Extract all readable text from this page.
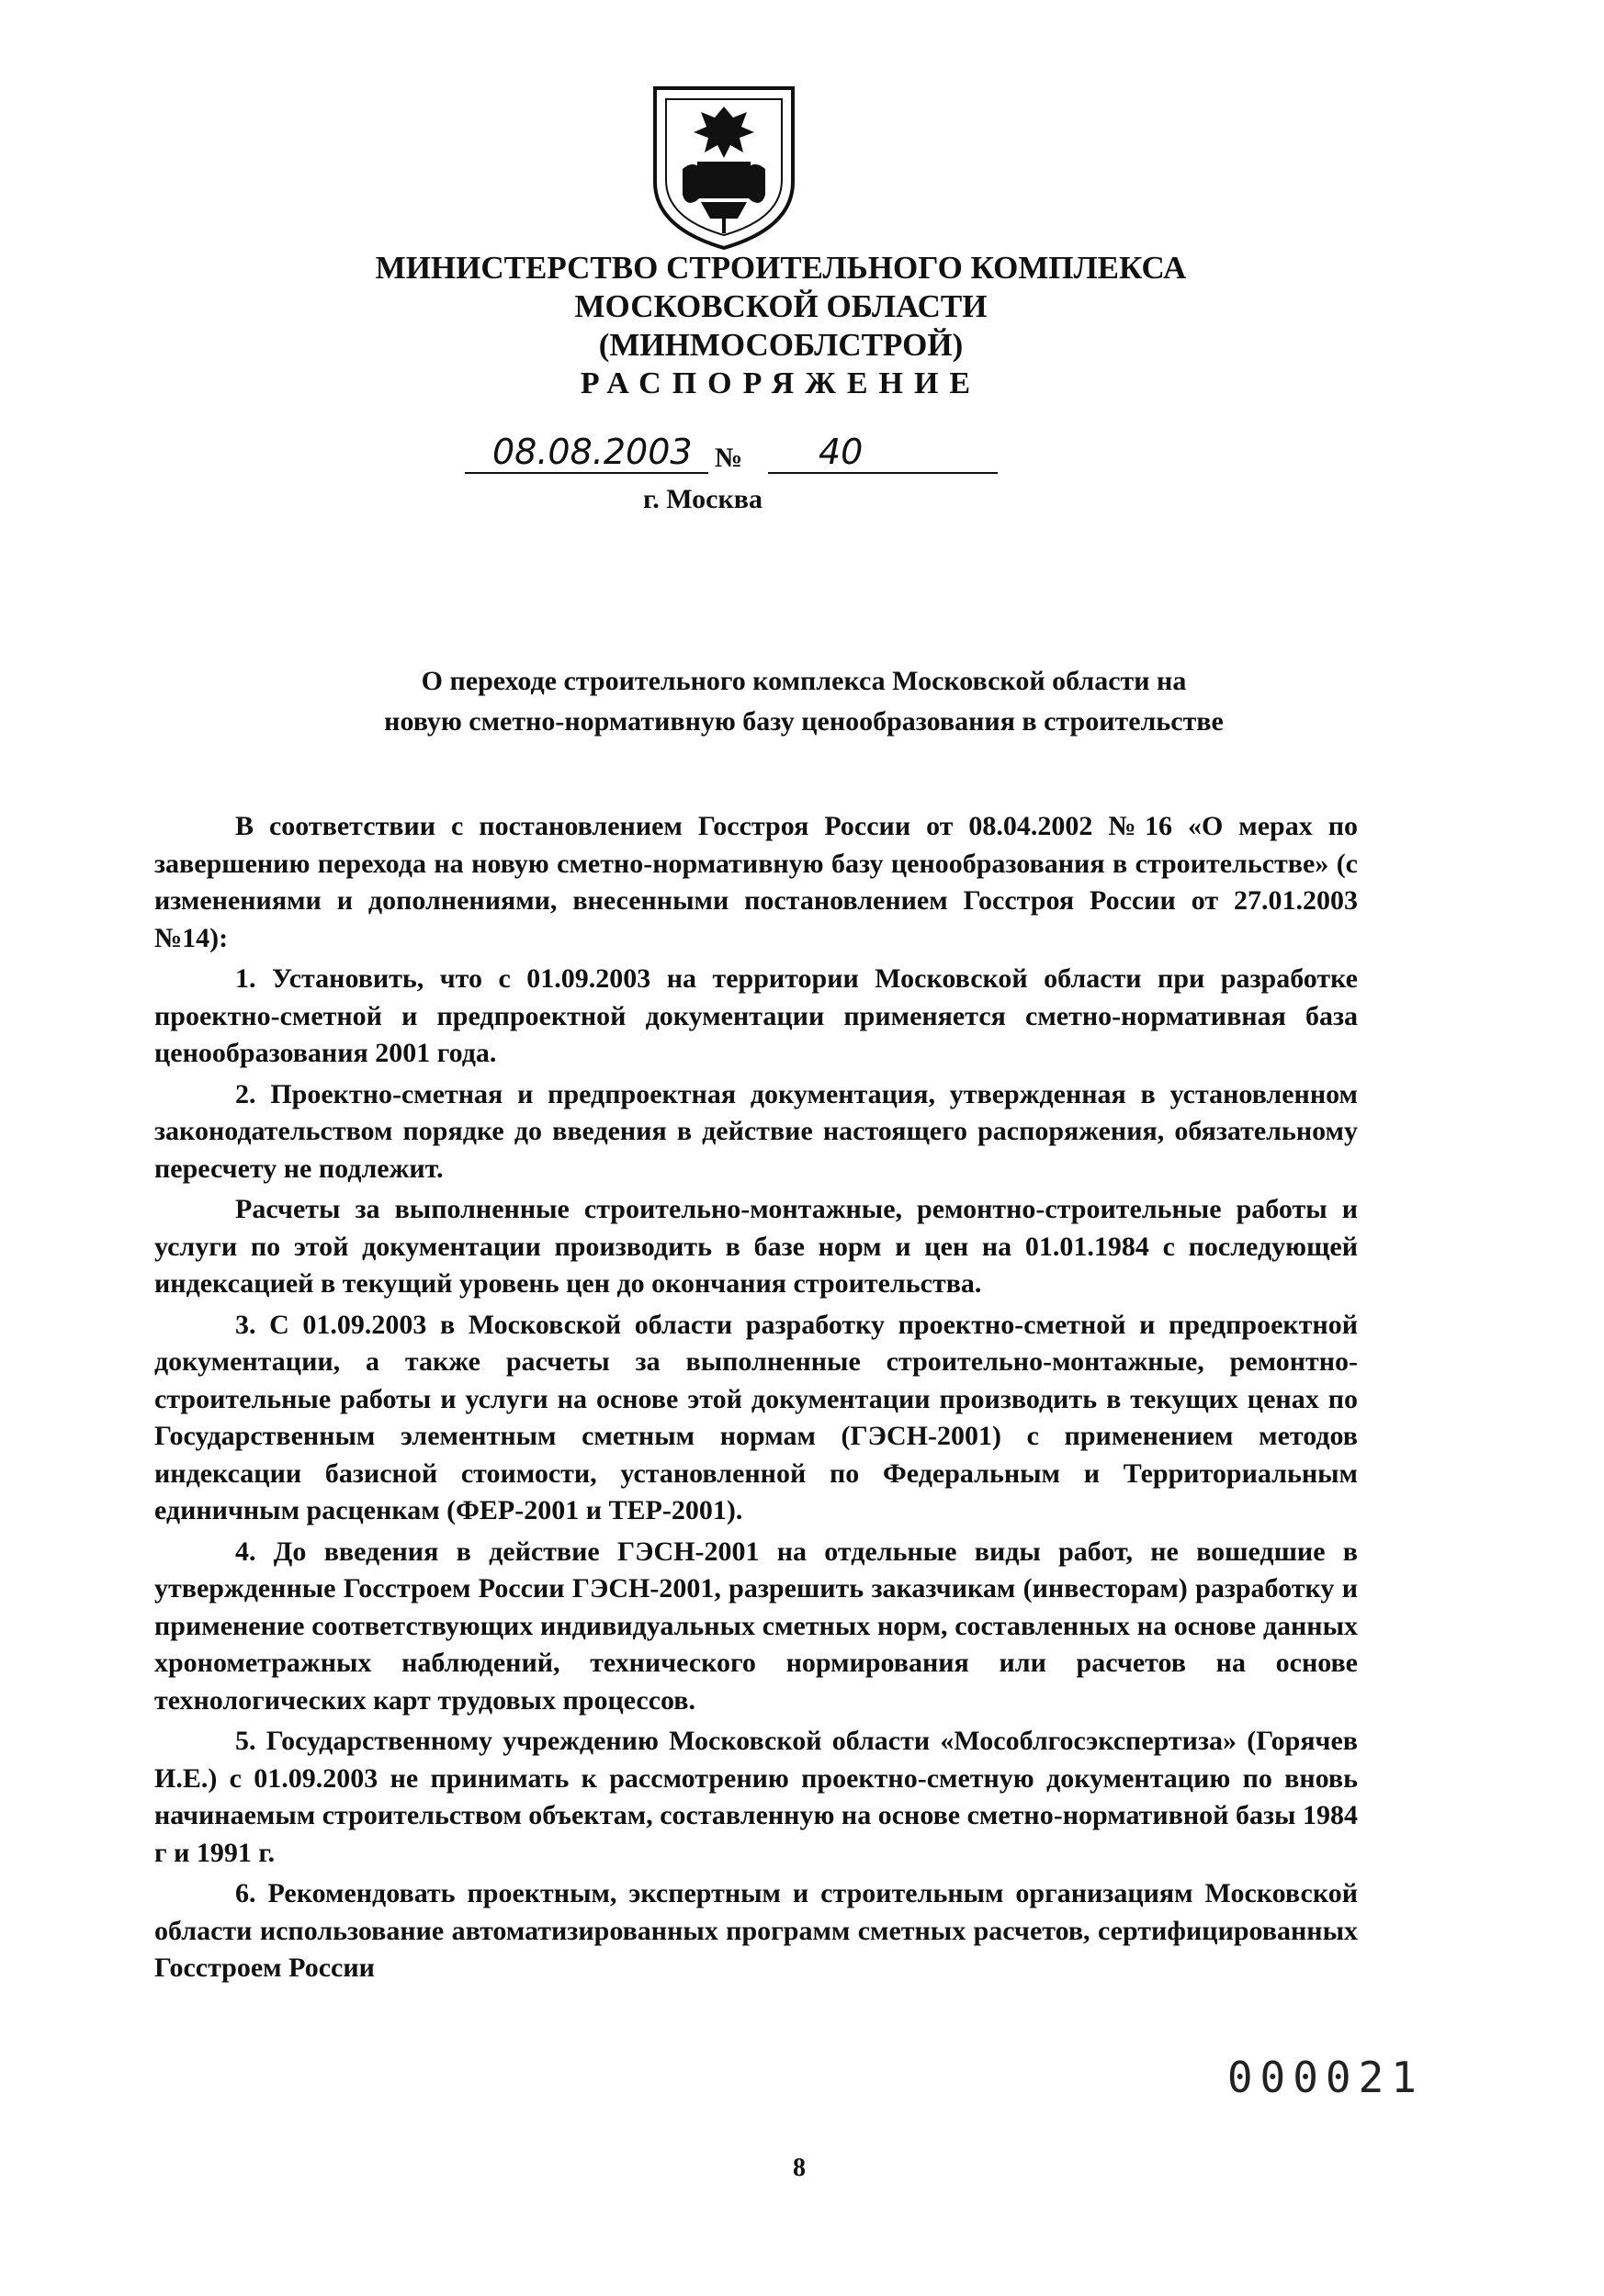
МИНИСТЕРСТВО СТРОИТЕЛЬНОГО КОМПЛЕКСА
МОСКОВСКОЙ ОБЛАСТИ
(МИНМОСОБЛСТРОЙ)
РАСПОРЯЖЕНИЕ
08.08.2003 № 40
г. Москва
О переходе строительного комплекса Московской области на
новую сметно-нормативную базу ценообразования в строительстве

В соответствии с постановлением Госстроя России от 08.04.2002 №16 «О мерах по завершению перехода на новую сметно-нормативную базу ценообразования в строительстве» (с изменениями и дополнениями, внесенными постановлением Госстроя России от 27.01.2003 №14):

1. Установить, что с 01.09.2003 на территории Московской области при разработке проектно-сметной и предпроектной документации применяется сметно-нормативная база ценообразования 2001 года.

2. Проектно-сметная и предпроектная документация, утвержденная в установленном законодательством порядке до введения в действие настоящего распоряжения, обязательному пересчету не подлежит.

Расчеты за выполненные строительно-монтажные, ремонтно-строительные работы и услуги по этой документации производить в базе норм и цен на 01.01.1984 с последующей индексацией в текущий уровень цен до окончания строительства.

3. С 01.09.2003 в Московской области разработку проектно-сметной и предпроектной документации, а также расчеты за выполненные строительно-монтажные, ремонтно-строительные работы и услуги на основе этой документации производить в текущих ценах по Государственным элементным сметным нормам (ГЭСН-2001) с применением методов индексации базисной стоимости, установленной по Федеральным и Территориальным единичным расценкам (ФЕР-2001 и ТЕР-2001).

4. До введения в действие ГЭСН-2001 на отдельные виды работ, не вошедшие в утвержденные Госстроем России ГЭСН-2001, разрешить заказчикам (инвесторам) разработку и применение соответствующих индивидуальных сметных норм, составленных на основе данных хронометражных наблюдений, технического нормирования или расчетов на основе технологических карт трудовых процессов.

5. Государственному учреждению Московской области «Мособлгосэкспертиза» (Горячев И.Е.) с 01.09.2003 не принимать к рассмотрению проектно-сметную документацию по вновь начинаемым строительством объектам, составленную на основе сметно-нормативной базы 1984 г и 1991 г.

6. Рекомендовать проектным, экспертным и строительным организациям Московской области использование автоматизированных программ сметных расчетов, сертифицированных Госстроем России

000021
8
